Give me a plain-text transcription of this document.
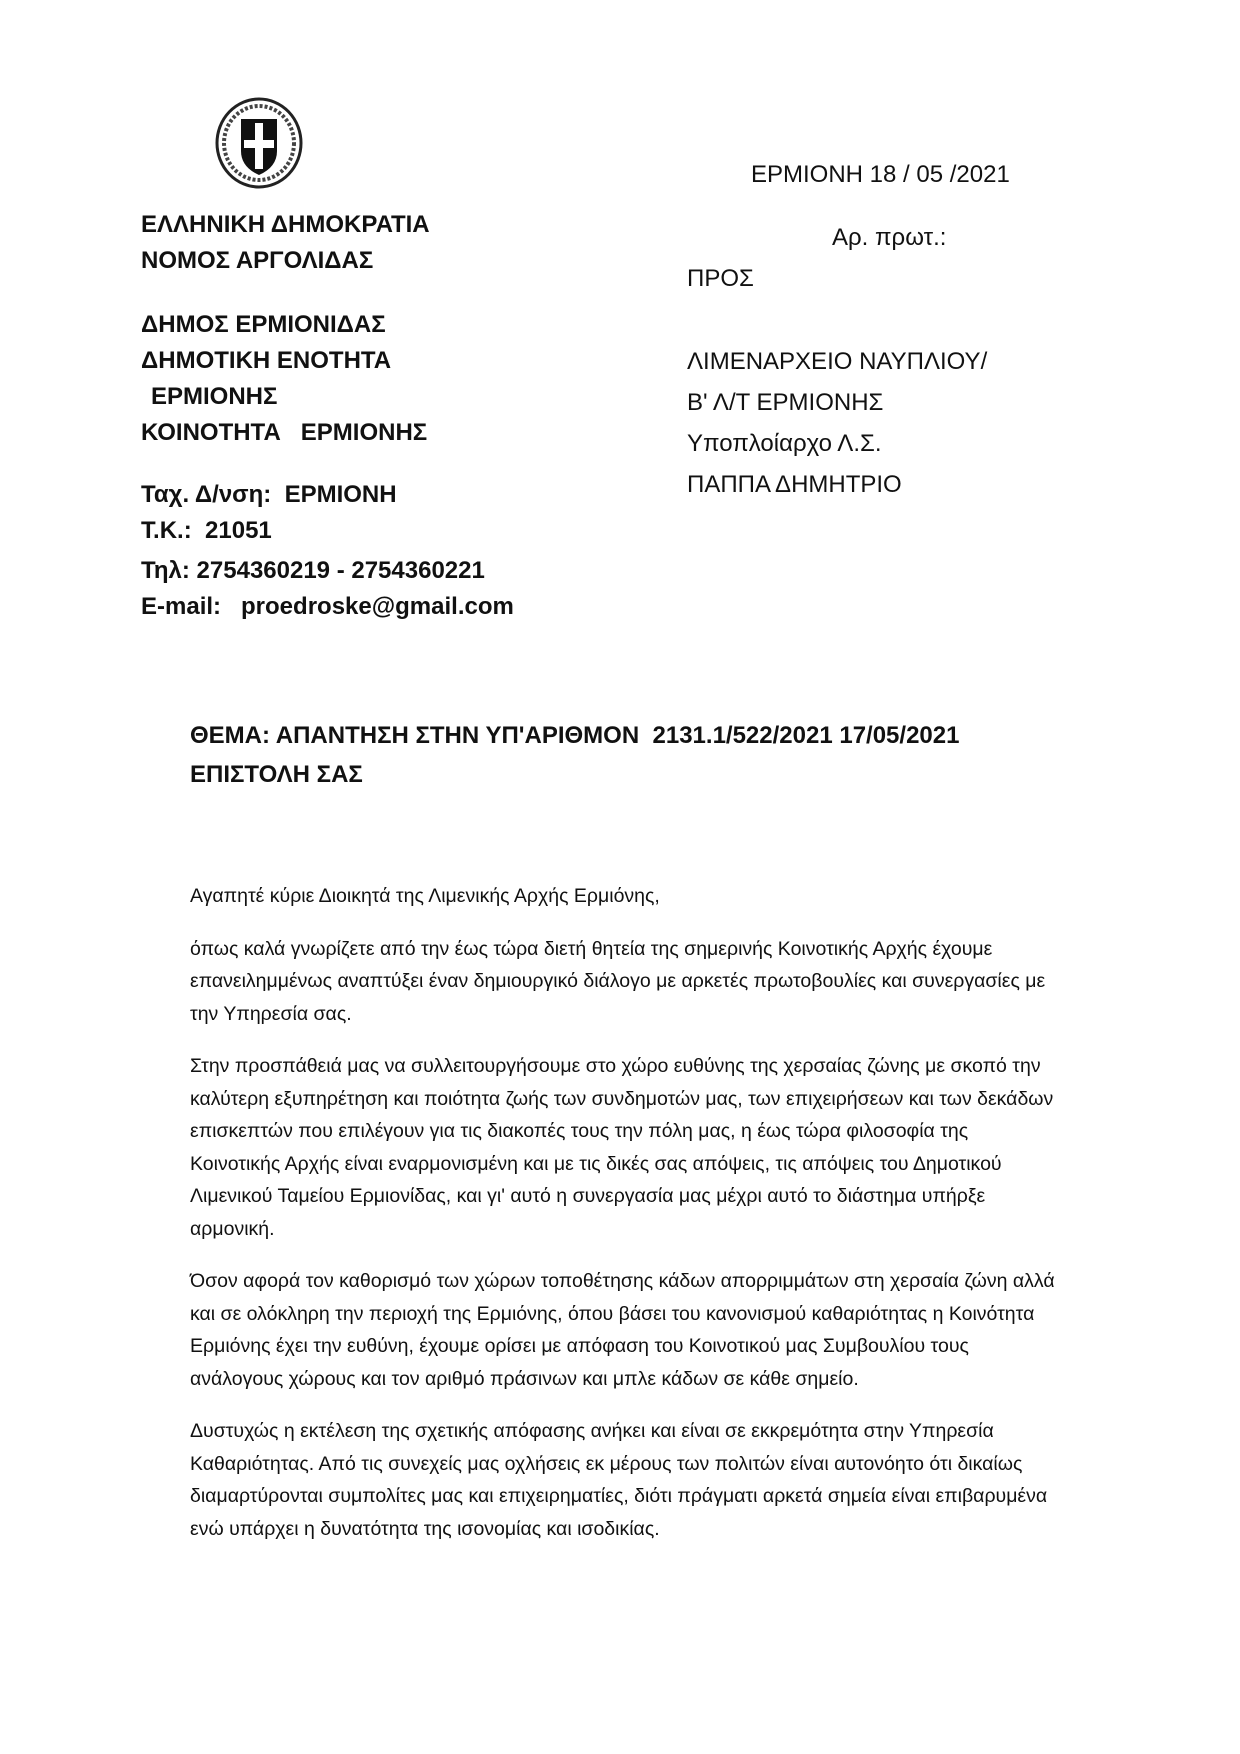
ΕΛΛΗΝΙΚΗ ΔΗΜΟΚΡΑΤΙΑ
ΝΟΜΟΣ ΑΡΓΟΛΙΔΑΣ
ΔΗΜΟΣ ΕΡΜΙΟΝΙΔΑΣ
ΔΗΜΟΤΙΚΗ ΕΝΟΤΗΤΑ
ΕΡΜΙΟΝΗΣ
ΚΟΙΝΟΤΗΤΑ   ΕΡΜΙΟΝΗΣ
Ταχ. Δ/νση:  ΕΡΜΙΟΝΗ
Τ.Κ.:  21051
Τηλ: 2754360219 - 2754360221
E-mail:   proedroske@gmail.com
ΕΡΜΙΟΝΗ 18 / 05 /2021
Αρ. πρωτ.:
ΠΡΟΣ
ΛΙΜΕΝΑΡΧΕΙΟ ΝΑΥΠΛΙΟΥ/
Β' Λ/Τ ΕΡΜΙΟΝΗΣ
Υποπλοίαρχο Λ.Σ.
ΠΑΠΠΑ ΔΗΜΗΤΡΙΟ
ΘΕΜΑ: ΑΠΑΝΤΗΣΗ ΣΤΗΝ ΥΠ'ΑΡΙΘΜΟΝ  2131.1/522/2021 17/05/2021
ΕΠΙΣΤΟΛΗ ΣΑΣ

Αγαπητέ κύριε Διοικητά της Λιμενικής Αρχής Ερμιόνης,

όπως καλά γνωρίζετε από την έως τώρα διετή θητεία της σημερινής Κοινοτικής Αρχής έχουμε επανειλημμένως αναπτύξει έναν δημιουργικό διάλογο με αρκετές πρωτοβουλίες και συνεργασίες με την Υπηρεσία σας.

Στην προσπάθειά μας να συλλειτουργήσουμε στο χώρο ευθύνης της χερσαίας ζώνης με σκοπό την καλύτερη εξυπηρέτηση και ποιότητα ζωής των συνδημοτών μας, των επιχειρήσεων και των δεκάδων επισκεπτών που επιλέγουν για τις διακοπές τους την πόλη μας, η έως τώρα φιλοσοφία της Κοινοτικής Αρχής είναι εναρμονισμένη και με τις δικές σας απόψεις, τις απόψεις του Δημοτικού Λιμενικού Ταμείου Ερμιονίδας, και γι' αυτό η συνεργασία μας μέχρι αυτό το διάστημα υπήρξε αρμονική.

Όσον αφορά τον καθορισμό των χώρων τοποθέτησης κάδων απορριμμάτων στη χερσαία ζώνη αλλά και σε ολόκληρη την περιοχή της Ερμιόνης, όπου βάσει του κανονισμού καθαριότητας η Κοινότητα Ερμιόνης έχει την ευθύνη, έχουμε ορίσει με απόφαση του Κοινοτικού μας Συμβουλίου τους ανάλογους χώρους και τον αριθμό πράσινων και μπλε κάδων σε κάθε σημείο.

Δυστυχώς η εκτέλεση της σχετικής απόφασης ανήκει και είναι σε εκκρεμότητα στην Υπηρεσία Καθαριότητας. Από τις συνεχείς μας οχλήσεις εκ μέρους των πολιτών είναι αυτονόητο ότι δικαίως διαμαρτύρονται συμπολίτες μας και επιχειρηματίες, διότι πράγματι αρκετά σημεία είναι επιβαρυμένα ενώ υπάρχει η δυνατότητα της ισονομίας και ισοδικίας.
